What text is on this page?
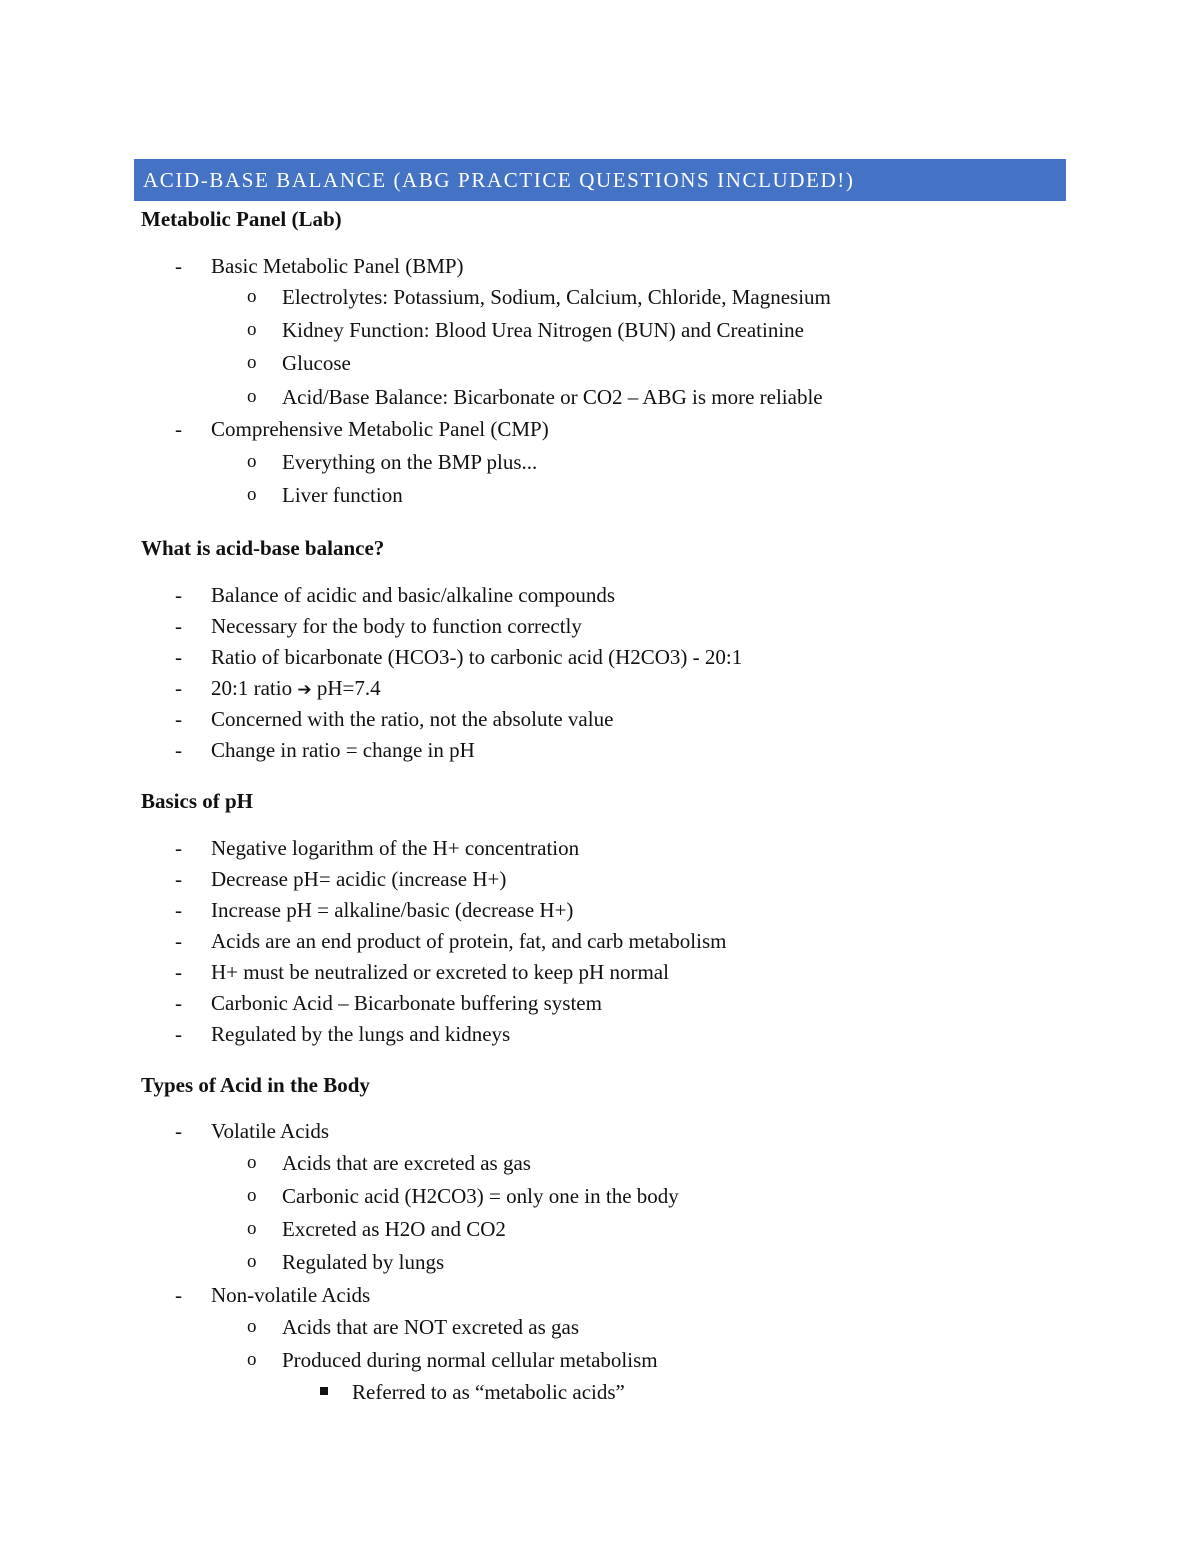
ACID-BASE BALANCE (ABG PRACTICE QUESTIONS INCLUDED!)
Metabolic Panel (Lab)
- Basic Metabolic Panel (BMP)
o Electrolytes: Potassium, Sodium, Calcium, Chloride, Magnesium
o Kidney Function: Blood Urea Nitrogen (BUN) and Creatinine
o Glucose
o Acid/Base Balance: Bicarbonate or CO2 – ABG is more reliable
- Comprehensive Metabolic Panel (CMP)
o Everything on the BMP plus...
o Liver function
What is acid-base balance?
- Balance of acidic and basic/alkaline compounds
- Necessary for the body to function correctly
- Ratio of bicarbonate (HCO3-) to carbonic acid (H2CO3) - 20:1
- 20:1 ratio ➔ pH=7.4
- Concerned with the ratio, not the absolute value
- Change in ratio = change in pH
Basics of pH
- Negative logarithm of the H+ concentration
- Decrease pH= acidic (increase H+)
- Increase pH = alkaline/basic (decrease H+)
- Acids are an end product of protein, fat, and carb metabolism
- H+ must be neutralized or excreted to keep pH normal
- Carbonic Acid – Bicarbonate buffering system
- Regulated by the lungs and kidneys
Types of Acid in the Body
- Volatile Acids
o Acids that are excreted as gas
o Carbonic acid (H2CO3) = only one in the body
o Excreted as H2O and CO2
o Regulated by lungs
- Non-volatile Acids
o Acids that are NOT excreted as gas
o Produced during normal cellular metabolism
Referred to as “metabolic acids”
